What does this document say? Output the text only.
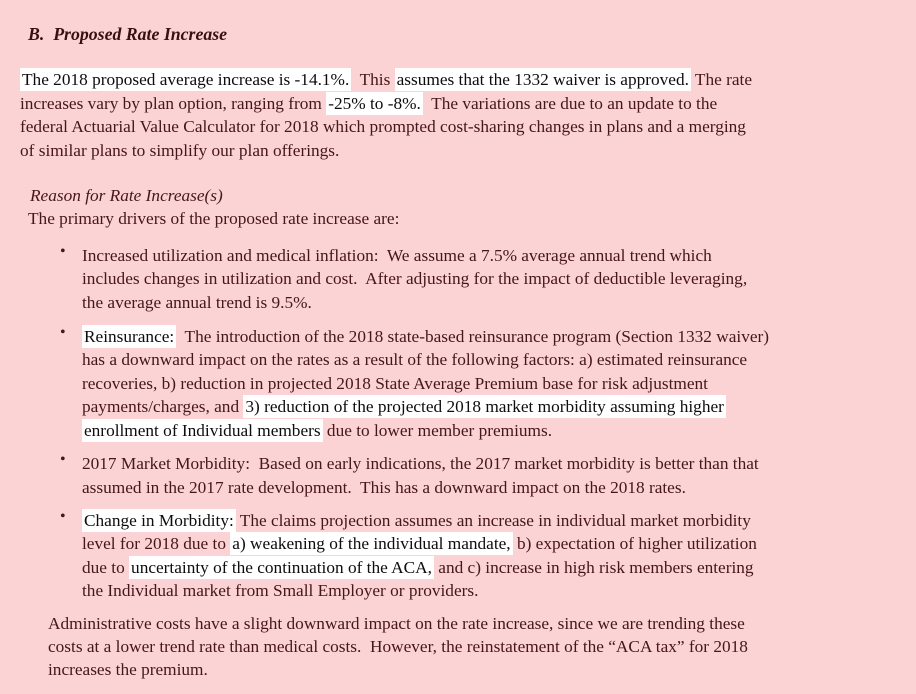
B.  Proposed Rate Increase
The 2018 proposed average increase is -14.1%.  This assumes that the 1332 waiver is approved. The rate
increases vary by plan option, ranging from -25% to -8%.  The variations are due to an update to the
federal Actuarial Value Calculator for 2018 which prompted cost-sharing changes in plans and a merging
of similar plans to simplify our plan offerings.
Reason for Rate Increase(s)
The primary drivers of the proposed rate increase are:
• Increased utilization and medical inflation:  We assume a 7.5% average annual trend which
includes changes in utilization and cost.  After adjusting for the impact of deductible leveraging,
the average annual trend is 9.5%.
• Reinsurance:  The introduction of the 2018 state-based reinsurance program (Section 1332 waiver)
has a downward impact on the rates as a result of the following factors: a) estimated reinsurance
recoveries, b) reduction in projected 2018 State Average Premium base for risk adjustment
payments/charges, and 3) reduction of the projected 2018 market morbidity assuming higher
enrollment of Individual members due to lower member premiums.
• 2017 Market Morbidity:  Based on early indications, the 2017 market morbidity is better than that
assumed in the 2017 rate development.  This has a downward impact on the 2018 rates.
• Change in Morbidity: The claims projection assumes an increase in individual market morbidity
level for 2018 due to a) weakening of the individual mandate, b) expectation of higher utilization
due to uncertainty of the continuation of the ACA, and c) increase in high risk members entering
the Individual market from Small Employer or providers.
Administrative costs have a slight downward impact on the rate increase, since we are trending these
costs at a lower trend rate than medical costs.  However, the reinstatement of the “ACA tax” for 2018
increases the premium.
